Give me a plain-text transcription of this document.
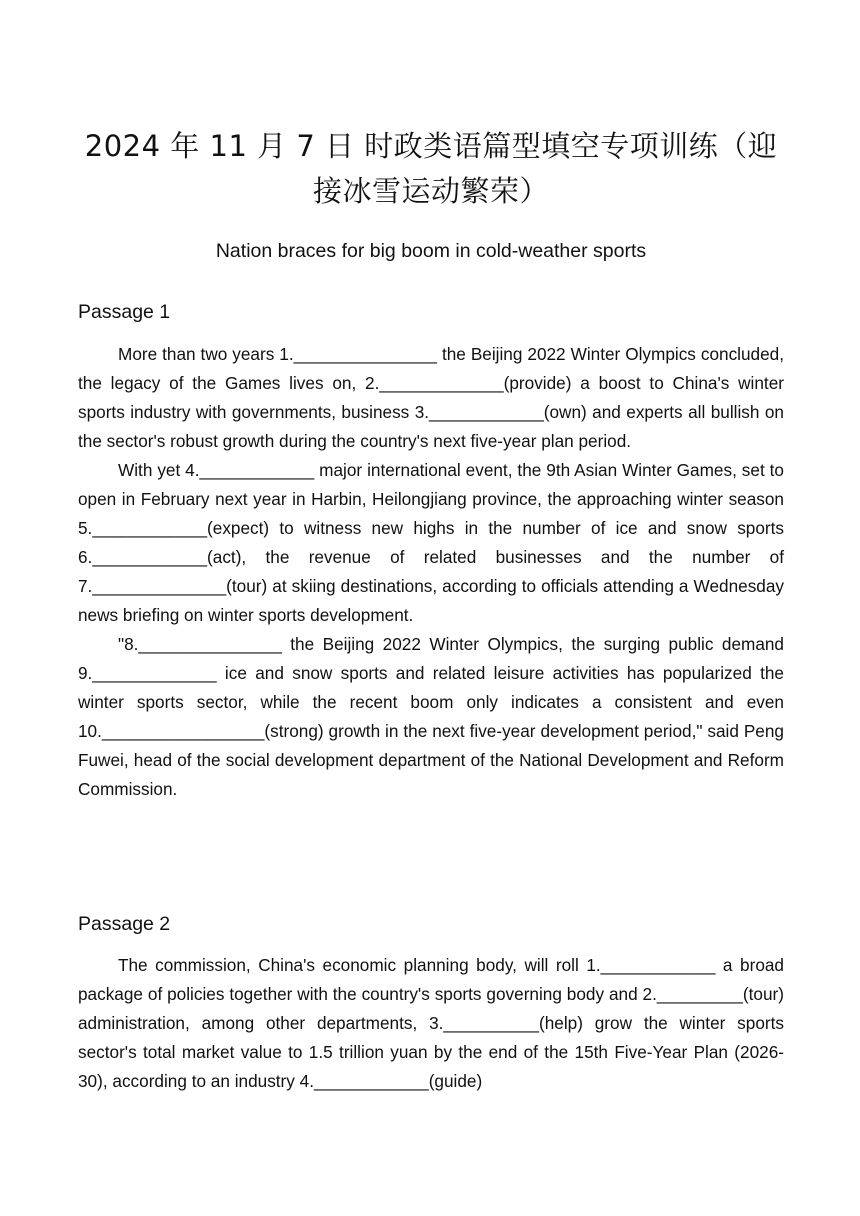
2024 年 11 月 7 日 时政类语篇型填空专项训练（迎接冰雪运动繁荣）
Nation braces for big boom in cold-weather sports
Passage 1

More than two years 1._______________ the Beijing 2022 Winter Olympics concluded, the legacy of the Games lives on, 2._____________(provide) a boost to China's winter sports industry with governments, business 3.____________(own) and experts all bullish on the sector's robust growth during the country's next five-year plan period.

With yet 4.____________ major international event, the 9th Asian Winter Games, set to open in February next year in Harbin, Heilongjiang province, the approaching winter season 5.____________(expect) to witness new highs in the number of ice and snow sports 6.____________(act), the revenue of related businesses and the number of 7.______________(tour) at skiing destinations, according to officials attending a Wednesday news briefing on winter sports development.

"8._______________ the Beijing 2022 Winter Olympics, the surging public demand 9._____________ ice and snow sports and related leisure activities has popularized the winter sports sector, while the recent boom only indicates a consistent and even 10._________________(strong) growth in the next five-year development period," said Peng Fuwei, head of the social development department of the National Development and Reform Commission.

Passage 2

The commission, China's economic planning body, will roll 1.____________ a broad package of policies together with the country's sports governing body and 2._________(tour) administration, among other departments, 3.__________(help) grow the winter sports sector's total market value to 1.5 trillion yuan by the end of the 15th Five-Year Plan (2026-30), according to an industry 4.____________(guide)
